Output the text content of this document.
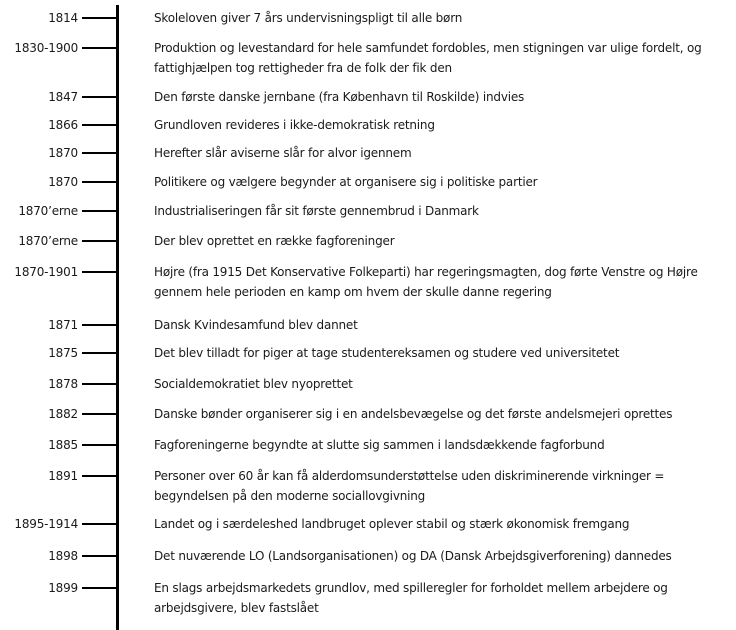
1814	Skoleloven giver 7 års undervisningspligt til alle børn
1830-1900	Produktion og levestandard for hele samfundet fordobles, men stigningen var ulige fordelt, og fattighjælpen tog rettigheder fra de folk der fik den
1847	Den første danske jernbane (fra København til Roskilde) indvies
1866	Grundloven revideres i ikke-demokratisk retning
1870	Herefter slår aviserne slår for alvor igennem
1870	Politikere og vælgere begynder at organisere sig i politiske partier
1870’erne	Industrialiseringen får sit første gennembrud i Danmark
1870’erne	Der blev oprettet en række fagforeninger
1870-1901	Højre (fra 1915 Det Konservative Folkeparti) har regeringsmagten, dog førte Venstre og Højre gennem hele perioden en kamp om hvem der skulle danne regering
1871	Dansk Kvindesamfund blev dannet
1875	Det blev tilladt for piger at tage studentereksamen og studere ved universitetet
1878	Socialdemokratiet blev nyoprettet
1882	Danske bønder organiserer sig i en andelsbevægelse og det første andelsmejeri oprettes
1885	Fagforeningerne begyndte at slutte sig sammen i landsdækkende fagforbund
1891	Personer over 60 år kan få alderdomsunderstøttelse uden diskriminerende virkninger = begyndelsen på den moderne sociallovgivning
1895-1914	Landet og i særdeleshed landbruget oplever stabil og stærk økonomisk fremgang
1898	Det nuværende LO (Landsorganisationen) og DA (Dansk Arbejdsgiverforening) dannedes
1899	En slags arbejdsmarkedets grundlov, med spilleregler for forholdet mellem arbejdere og arbejdsgivere, blev fastslået
